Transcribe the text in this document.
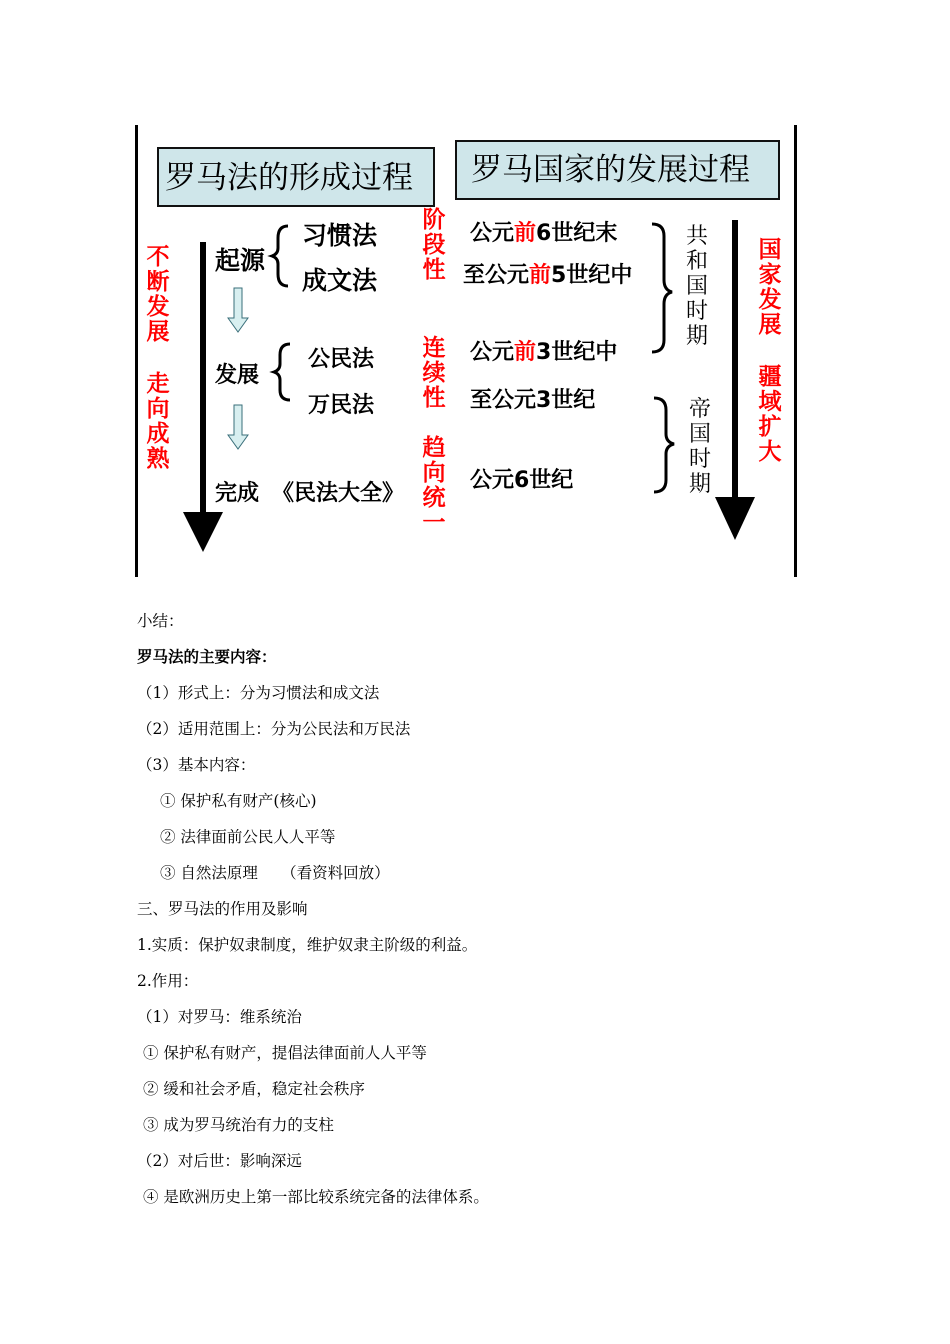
罗马法的形成过程 罗马国家的发展过程
不断发展
走向成熟
起源
习惯法
成文法
发展
公民法
万民法
完成 《民法大全》
阶段性
连续性
趋向统一
公元前6世纪末
至公元前5世纪中
公元前3世纪中
至公元3世纪
公元6世纪
共和国时期
帝国时期
国家发展
疆域扩大
小结：
罗马法的主要内容：
（1）形式上：分为习惯法和成文法
（2）适用范围上：分为公民法和万民法
（3）基本内容：
① 保护私有财产(核心)
② 法律面前公民人人平等
③ 自然法原理　　（看资料回放）
三、罗马法的作用及影响
1.实质：保护奴隶制度，维护奴隶主阶级的利益。
2.作用：
（1）对罗马：维系统治
① 保护私有财产，提倡法律面前人人平等
② 缓和社会矛盾，稳定社会秩序
③ 成为罗马统治有力的支柱
（2）对后世：影响深远
④ 是欧洲历史上第一部比较系统完备的法律体系。
